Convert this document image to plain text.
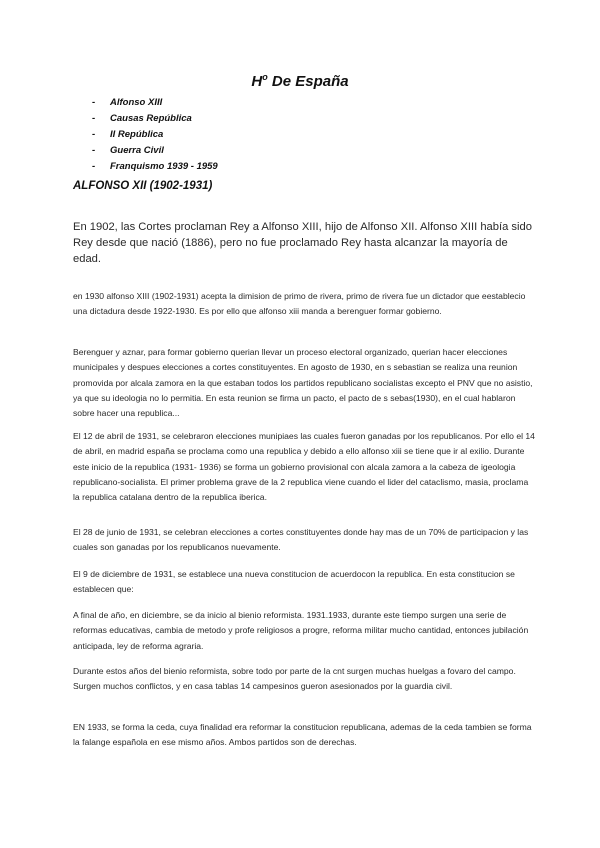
$H^o$ De España
- Alfonso XIII
- Causas República
- II República
- Guerra Civil
- Franquismo 1939 - 1959
ALFONSO XII (1902-1931)

En 1902, las Cortes proclaman Rey a Alfonso XIII, hijo de Alfonso XII. Alfonso XIII había sido Rey desde que nació (1886), pero no fue proclamado Rey hasta alcanzar la mayoría de edad.

en 1930 alfonso XIII (1902-1931) acepta la dimision de primo de rivera, primo de rivera fue un dictador que eestablecio una dictadura desde 1922-1930. Es por ello que alfonso xiii manda a berenguer formar gobierno.

Berenguer y aznar, para formar gobierno querian llevar un proceso electoral organizado, querian hacer elecciones municipales y despues elecciones a cortes constituyentes. En agosto de 1930, en s sebastian se realiza una reunion promovida por alcala zamora en la que estaban todos los partidos republicano socialistas excepto el PNV que no asistio, ya que su ideologia no lo permitia. En esta reunion se firma un pacto, el pacto de s sebas(1930), en el cual hablaron sobre hacer una republica...

El 12 de abril de 1931, se celebraron elecciones munipiaes las cuales fueron ganadas por los republicanos. Por ello el 14 de abril, en madrid españa se proclama como una republica y debido a ello alfonso xiii se tiene que ir al exilio. Durante este inicio de la republica (1931- 1936) se forma un gobierno provisional con alcala zamora a la cabeza de igeologia republicano-socialista. El primer problema grave de la 2 republica viene cuando el lider del cataclismo, masia, proclama la republica catalana dentro de la republica iberica.

El 28 de junio de 1931, se celebran elecciones a cortes constituyentes donde hay mas de un 70% de participacion y las cuales son ganadas por los republicanos nuevamente.

El 9 de diciembre de 1931, se establece una nueva constitucion de acuerdocon la republica. En esta constitucion se establecen que:

A final de año, en diciembre, se da inicio al bienio reformista. 1931.1933, durante este tiempo surgen una serie de reformas educativas, cambia de metodo y profe religiosos a progre, reforma militar mucho cantidad, entonces jubilación anticipada, ley de reforma agraria.

Durante estos años del bienio reformista, sobre todo por parte de la cnt surgen muchas huelgas a fovaro del campo. Surgen muchos conflictos, y en casa tablas 14 campesinos gueron asesionados por la guardia civil.

EN 1933, se forma la ceda, cuya finalidad era reformar la constitucion republicana, ademas de la ceda tambien se forma la falange española en ese mismo años. Ambos partidos son de derechas.
